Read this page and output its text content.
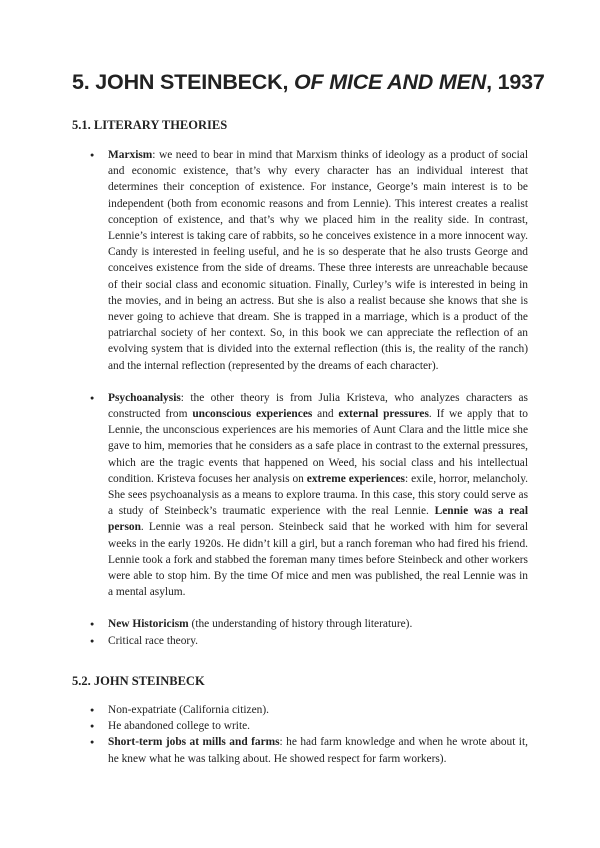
5. JOHN STEINBECK, OF MICE AND MEN, 1937
5.1. LITERARY THEORIES
● Marxism: we need to bear in mind that Marxism thinks of ideology as a product of social and economic existence, that’s why every character has an individual interest that determines their conception of existence. For instance, George’s main interest is to be independent (both from economic reasons and from Lennie). This interest creates a realist conception of existence, and that’s why we placed him in the reality side. In contrast, Lennie’s interest is taking care of rabbits, so he conceives existence in a more innocent way. Candy is interested in feeling useful, and he is so desperate that he also trusts George and conceives existence from the side of dreams. These three interests are unreachable because of their social class and economic situation. Finally, Curley’s wife is interested in being in the movies, and in being an actress. But she is also a realist because she knows that she is never going to achieve that dream. She is trapped in a marriage, which is a product of the patriarchal society of her context. So, in this book we can appreciate the reflection of an evolving system that is divided into the external reflection (this is, the reality of the ranch) and the internal reflection (represented by the dreams of each character).
● Psychoanalysis: the other theory is from Julia Kristeva, who analyzes characters as constructed from unconscious experiences and external pressures. If we apply that to Lennie, the unconscious experiences are his memories of Aunt Clara and the little mice she gave to him, memories that he considers as a safe place in contrast to the external pressures, which are the tragic events that happened on Weed, his social class and his intellectual condition. Kristeva focuses her analysis on extreme experiences: exile, horror, melancholy. She sees psychoanalysis as a means to explore trauma. In this case, this story could serve as a study of Steinbeck’s traumatic experience with the real Lennie. Lennie was a real person. Lennie was a real person. Steinbeck said that he worked with him for several weeks in the early 1920s. He didn’t kill a girl, but a ranch foreman who had fired his friend. Lennie took a fork and stabbed the foreman many times before Steinbeck and other workers were able to stop him. By the time Of mice and men was published, the real Lennie was in a mental asylum.
● New Historicism (the understanding of history through literature).
● Critical race theory.
5.2. JOHN STEINBECK
● Non-expatriate (California citizen).
● He abandoned college to write.
● Short-term jobs at mills and farms: he had farm knowledge and when he wrote about it, he knew what he was talking about. He showed respect for farm workers).
